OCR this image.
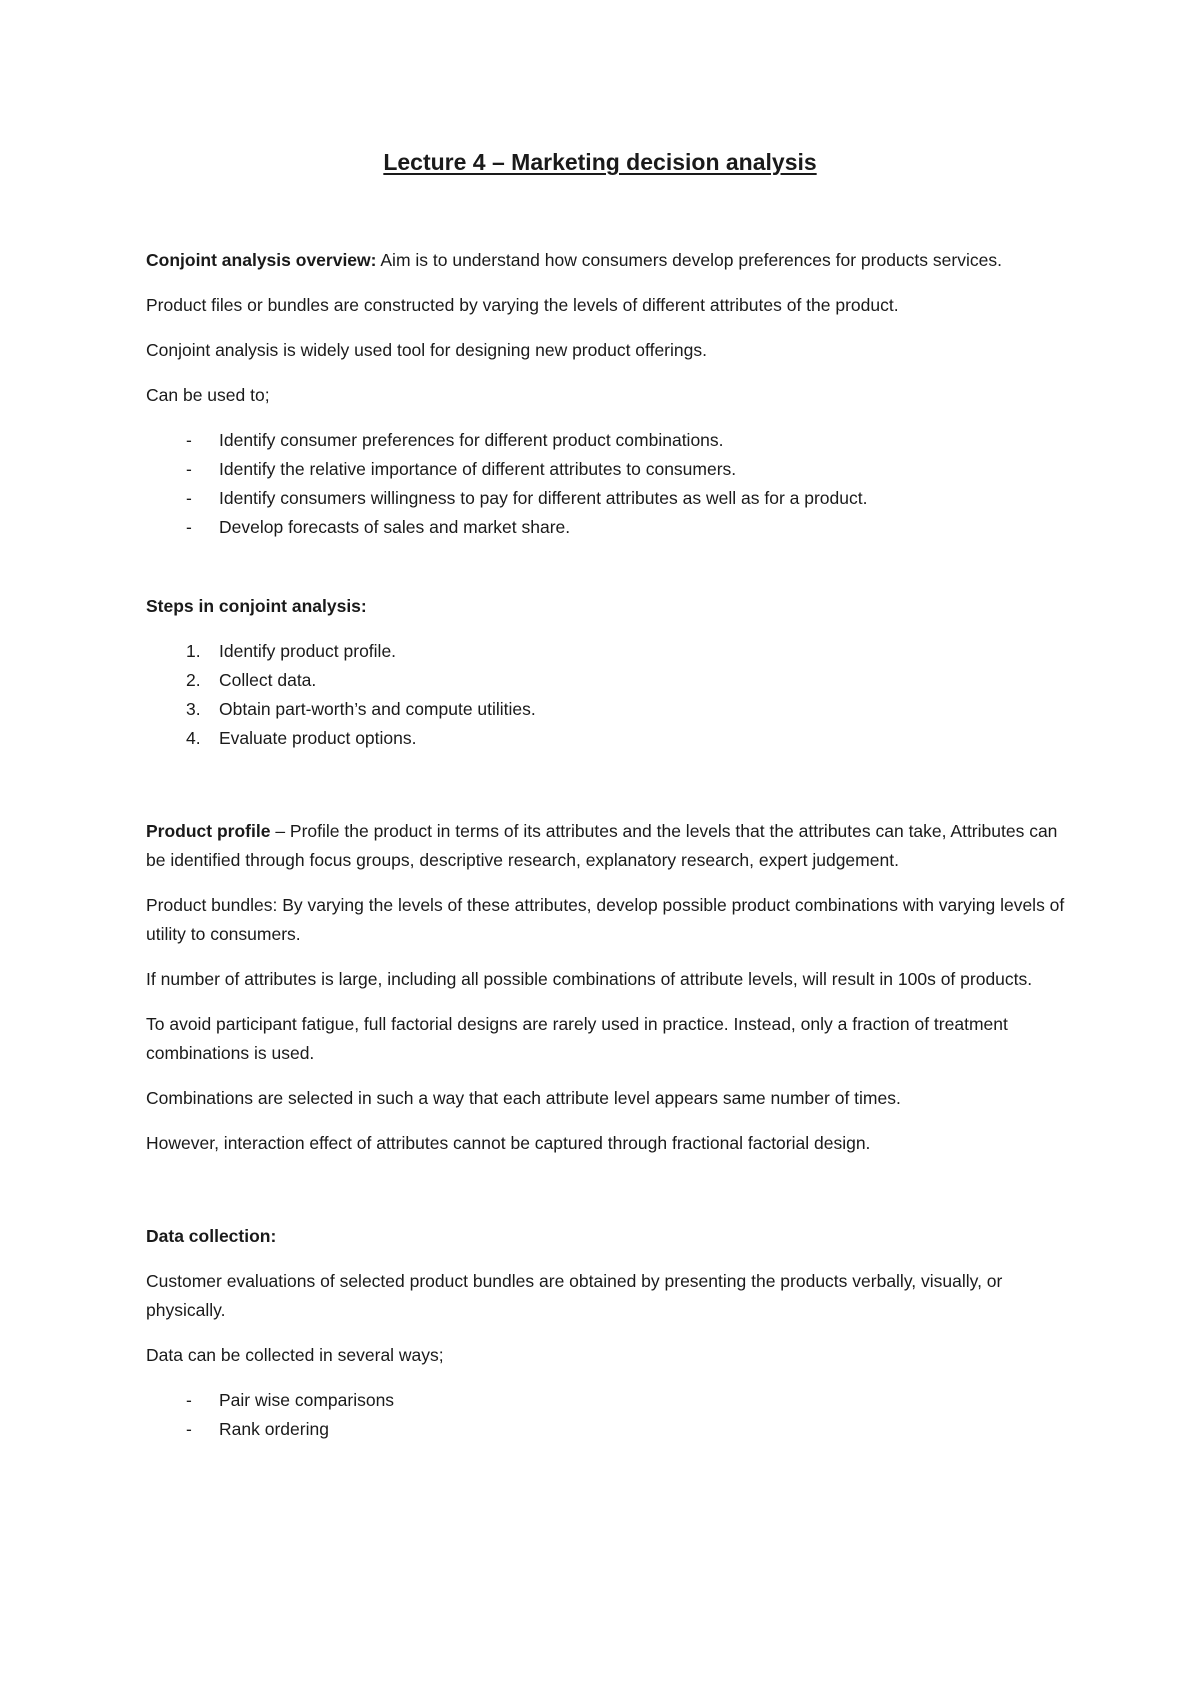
Lecture 4 – Marketing decision analysis

Conjoint analysis overview: Aim is to understand how consumers develop preferences for products services.

Product files or bundles are constructed by varying the levels of different attributes of the product.

Conjoint analysis is widely used tool for designing new product offerings.

Can be used to;

- Identify consumer preferences for different product combinations.
- Identify the relative importance of different attributes to consumers.
- Identify consumers willingness to pay for different attributes as well as for a product.
- Develop forecasts of sales and market share.

Steps in conjoint analysis:

1. Identify product profile.
2. Collect data.
3. Obtain part-worth’s and compute utilities.
4. Evaluate product options.

Product profile – Profile the product in terms of its attributes and the levels that the attributes can take, Attributes can be identified through focus groups, descriptive research, explanatory research, expert judgement.

Product bundles: By varying the levels of these attributes, develop possible product combinations with varying levels of utility to consumers.

If number of attributes is large, including all possible combinations of attribute levels, will result in 100s of products.

To avoid participant fatigue, full factorial designs are rarely used in practice. Instead, only a fraction of treatment combinations is used.

Combinations are selected in such a way that each attribute level appears same number of times.

However, interaction effect of attributes cannot be captured through fractional factorial design.

Data collection:

Customer evaluations of selected product bundles are obtained by presenting the products verbally, visually, or physically.

Data can be collected in several ways;

- Pair wise comparisons
- Rank ordering
